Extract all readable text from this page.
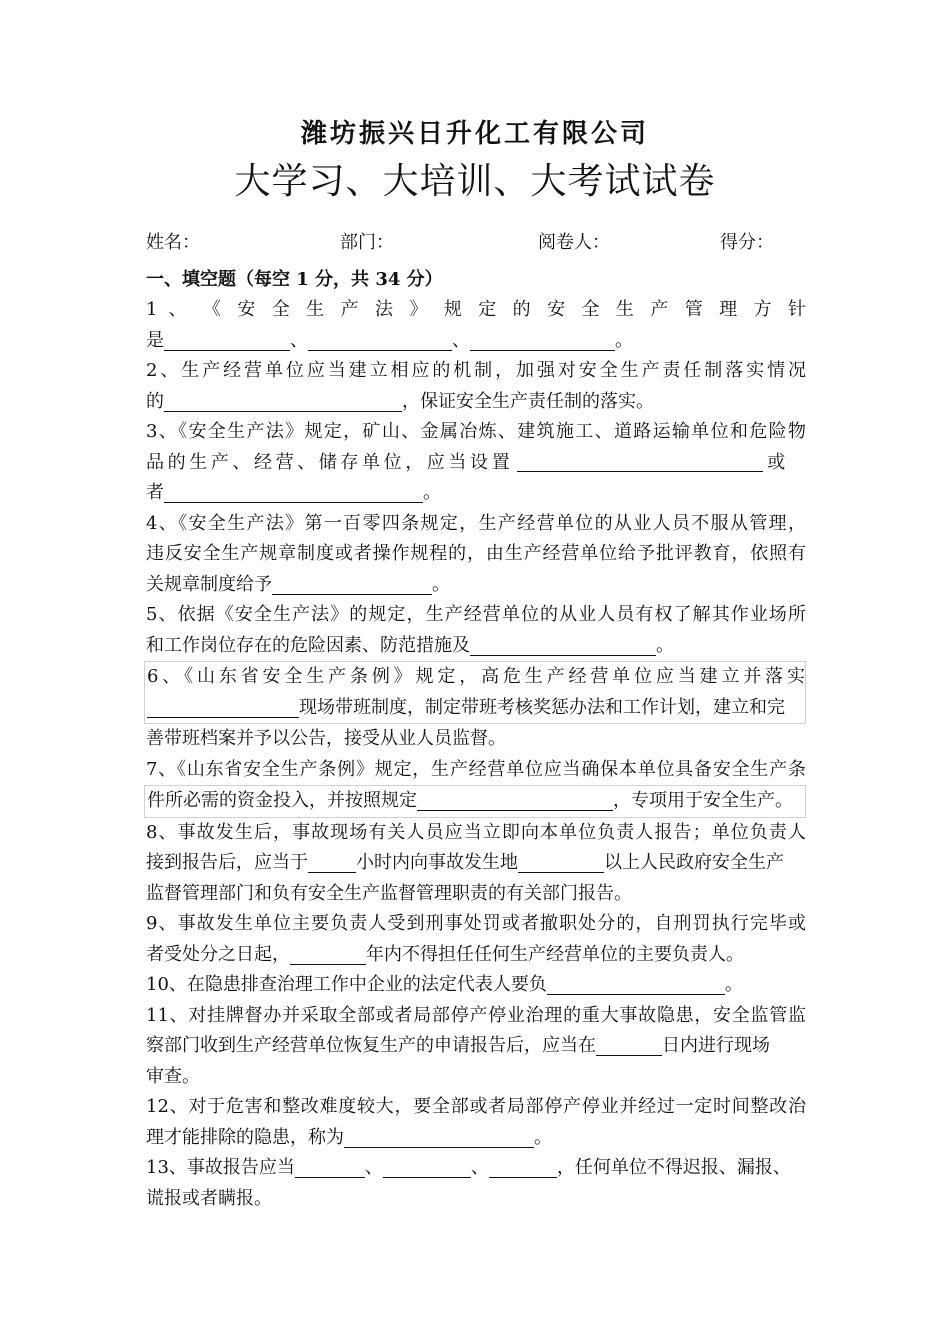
潍坊振兴日升化工有限公司
大学习、大培训、大考试试卷
姓名：	部门：	阅卷人：	得分：
一、填空题（每空 1 分，共 34 分）

1 、 《 安 全 生 产 法 》 规 定 的 安 全 生 产 管 理 方 针

是	、	、	。

2、生产经营单位应当建立相应的机制，加强对安全生产责任制落实情况

的	，保证安全生产责任制的落实。

3、《安全生产法》规定，矿山、金属冶炼、建筑施工、道路运输单位和危险物

品的生产、经营、储存单位，应当设置	或

者	。

4、《安全生产法》第一百零四条规定，生产经营单位的从业人员不服从管理，

违反安全生产规章制度或者操作规程的，由生产经营单位给予批评教育，依照有

关规章制度给予	。

5、依据《安全生产法》的规定，生产经营单位的从业人员有权了解其作业场所

和工作岗位存在的危险因素、防范措施及	。

6、《山东省安全生产条例》规定，高危生产经营单位应当建立并落实

现场带班制度，制定带班考核奖惩办法和工作计划，建立和完

善带班档案并予以公告，接受从业人员监督。

7、《山东省安全生产条例》规定，生产经营单位应当确保本单位具备安全生产条

件所必需的资金投入，并按照规定	，专项用于安全生产。

8、事故发生后，事故现场有关人员应当立即向本单位负责人报告；单位负责人

接到报告后，应当于	小时内向事故发生地	以上人民政府安全生产

监督管理部门和负有安全生产监督管理职责的有关部门报告。

9、事故发生单位主要负责人受到刑事处罚或者撤职处分的，自刑罚执行完毕或

者受处分之日起，	年内不得担任任何生产经营单位的主要负责人。

10、在隐患排查治理工作中企业的法定代表人要负	。

11、对挂牌督办并采取全部或者局部停产停业治理的重大事故隐患，安全监管监

察部门收到生产经营单位恢复生产的申请报告后，应当在	日内进行现场

审查。

12、对于危害和整改难度较大，要全部或者局部停产停业并经过一定时间整改治

理才能排除的隐患，称为	。

13、事故报告应当	、	、	，任何单位不得迟报、漏报、

谎报或者瞒报。
